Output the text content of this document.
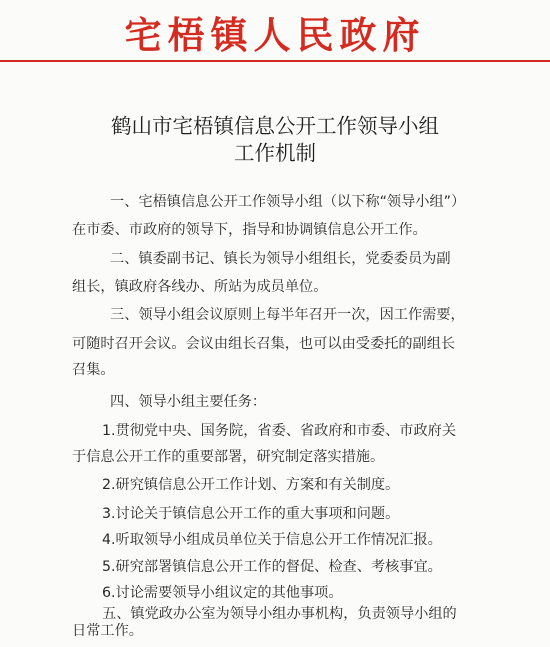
宅梧镇人民政府
鹤山市宅梧镇信息公开工作领导小组
工作机制
一、宅梧镇信息公开工作领导小组（以下称“领导小组”）
在市委、市政府的领导下，指导和协调镇信息公开工作。
二、镇委副书记、镇长为领导小组组长，党委委员为副
组长，镇政府各线办、所站为成员单位。
三、领导小组会议原则上每半年召开一次，因工作需要，
可随时召开会议。会议由组长召集，也可以由受委托的副组长
召集。
四、领导小组主要任务：
1.贯彻党中央、国务院，省委、省政府和市委、市政府关
于信息公开工作的重要部署，研究制定落实措施。
2.研究镇信息公开工作计划、方案和有关制度。
3.讨论关于镇信息公开工作的重大事项和问题。
4.听取领导小组成员单位关于信息公开工作情况汇报。
5.研究部署镇信息公开工作的督促、检查、考核事宜。
6.讨论需要领导小组议定的其他事项。
五、镇党政办公室为领导小组办事机构，负责领导小组的
日常工作。
